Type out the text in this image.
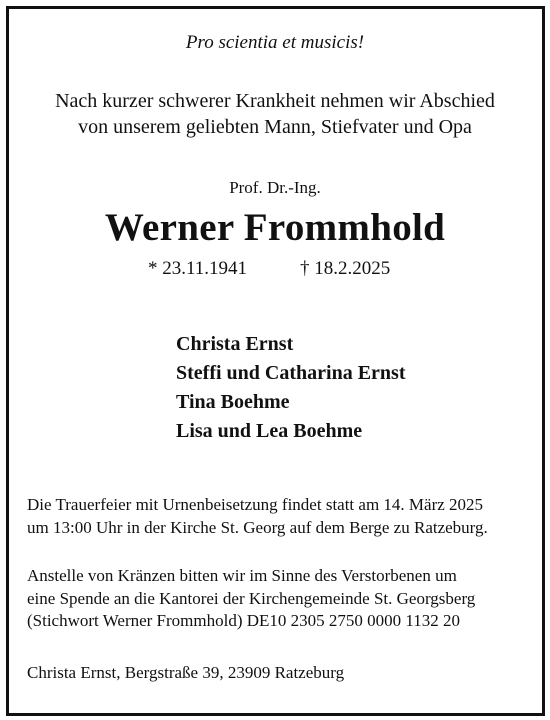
Pro scientia et musicis!
Nach kurzer schwerer Krankheit nehmen wir Abschied
von unserem geliebten Mann, Stiefvater und Opa
Prof. Dr.-Ing.
Werner Frommhold
* 23.11.1941	† 18.2.2025
Christa Ernst
Steffi und Catharina Ernst
Tina Boehme
Lisa und Lea Boehme
Die Trauerfeier mit Urnenbeisetzung findet statt am 14. März 2025
um 13:00 Uhr in der Kirche St. Georg auf dem Berge zu Ratzeburg.
Anstelle von Kränzen bitten wir im Sinne des Verstorbenen um
eine Spende an die Kantorei der Kirchengemeinde St. Georgsberg
(Stichwort Werner Frommhold) DE10 2305 2750 0000 1132 20
Christa Ernst, Bergstraße 39, 23909 Ratzeburg
